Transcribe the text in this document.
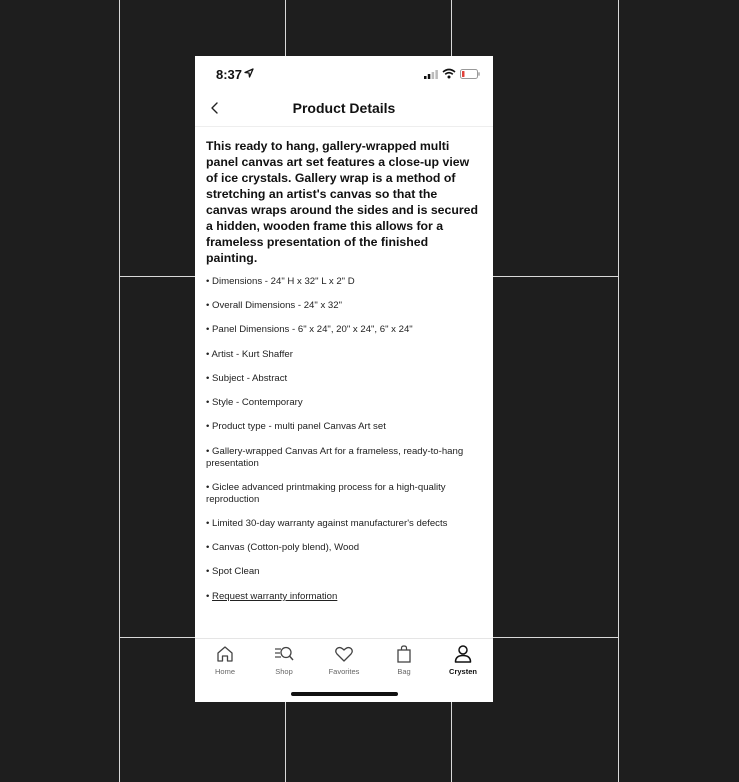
8:37
Product Details
This ready to hang, gallery-wrapped multi panel canvas art set features a close-up view of ice crystals. Gallery wrap is a method of stretching an artist's canvas so that the canvas wraps around the sides and is secured a hidden, wooden frame this allows for a frameless presentation of the finished painting.
• Dimensions - 24" H x 32" L x 2" D
• Overall Dimensions - 24" x 32"
• Panel Dimensions - 6" x 24", 20" x 24", 6" x 24"
• Artist - Kurt Shaffer
• Subject - Abstract
• Style - Contemporary
• Product type - multi panel Canvas Art set
• Gallery-wrapped Canvas Art for a frameless, ready-to-hang presentation
• Giclee advanced printmaking process for a high-quality reproduction
• Limited 30-day warranty against manufacturer's defects
• Canvas (Cotton-poly blend), Wood
• Spot Clean
• Request warranty information
Home	Shop	Favorites	Bag	Crysten
